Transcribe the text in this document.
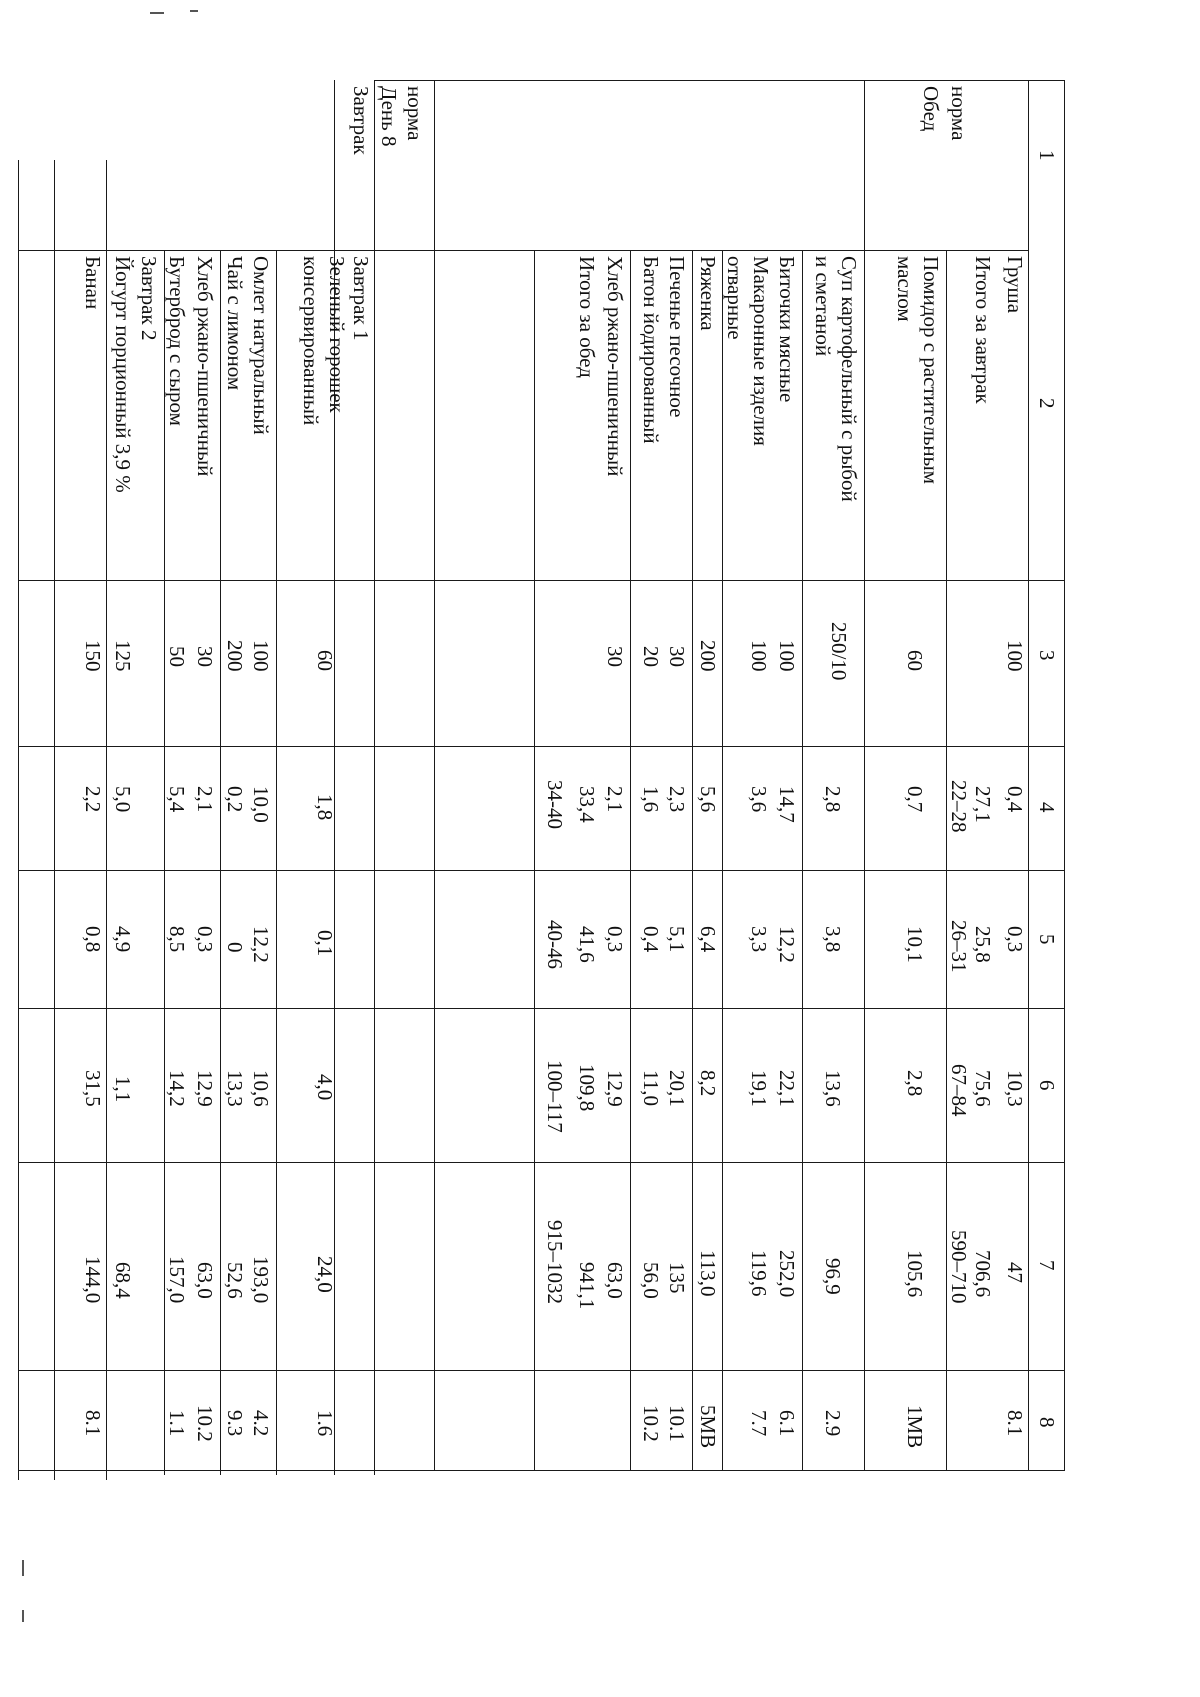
1
2
3
4
5
6
7
8
Груша
100
0,4
0,3
10,3
47
8.1
Итого за завтрак
27,1
25,8
75,6
706,6
норма
22–28
26–31
67–84
590–710
Обед
Помидор с растительным
маслом
60
0,7
10,1
2,8
105,6
1МВ
Суп картофельный с рыбой
и сметаной
250/10
2,8
3,8
13,6
96,9
2.9
Биточки мясные
100
14,7
12,2
22,1
252,0
6.1
Макаронные изделия
отварные
100
3,6
3,3
19,1
119,6
7.7
Ряженка
200
5,6
6,4
8,2
113,0
5МВ
Печенье песочное
30
2,3
5,1
20,1
135
10.1
Батон йодированный
20
1,6
0,4
11,0
56,0
10.2
Хлеб ржано-пшеничный
30
2,1
0,3
12,9
63,0
Итого за обед
33,4
41,6
109,8
941,1
34-40
40-46
100–117
915–1032
норма
День 8
Завтрак
Завтрак 1
Зеленый горошек
консервированный
60
1,8
0,1
4,0
24,0
1.6
Омлет натуральный
100
10,0
12,2
10,6
193,0
4.2
Чай с лимоном
200
0,2
0
13,3
52,6
9.3
Хлеб ржано-пшеничный
30
2,1
0,3
12,9
63,0
10.2
Бутерброд с сыром
50
5,4
8,5
14,2
157,0
1.1
Завтрак 2
Йогурт порционный 3,9 %
125
5,0
4,9
1,1
68,4
Банан
150
2,2
0,8
31,5
144,0
8.1
